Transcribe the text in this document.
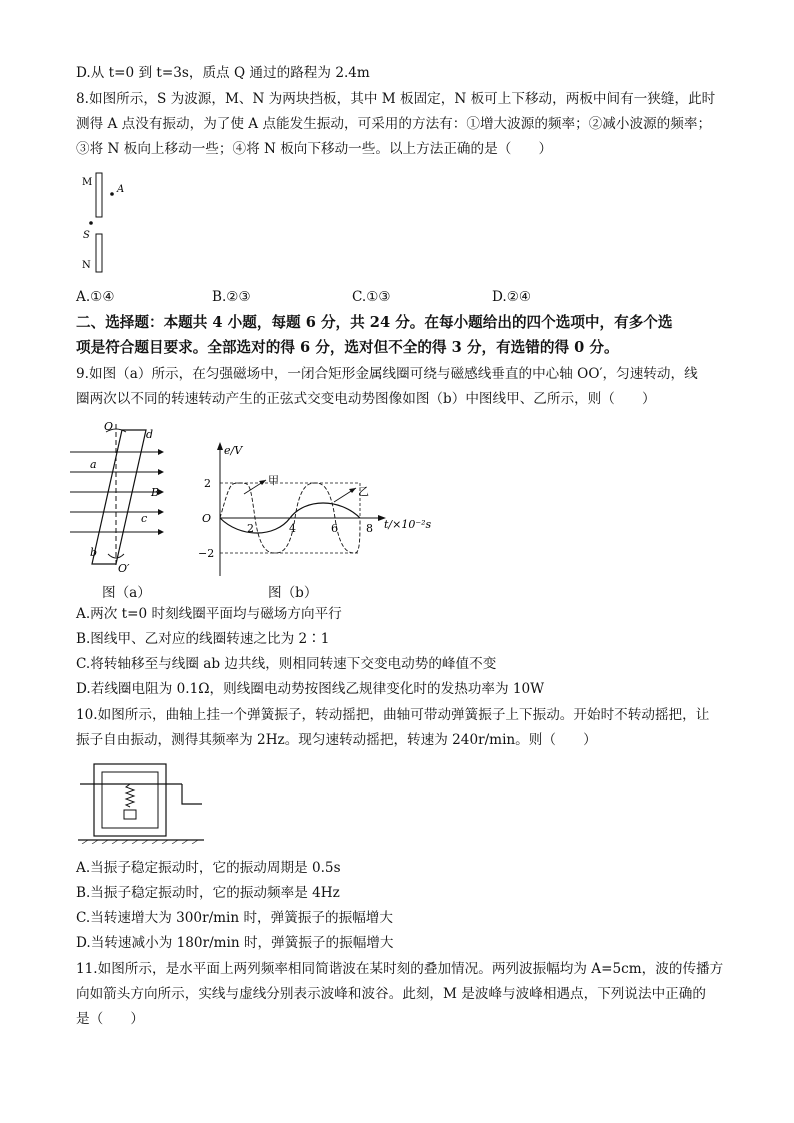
D.从 t=0 到 t=3s，质点 Q 通过的路程为 2.4m
8.如图所示，S 为波源，M、N 为两块挡板，其中 M 板固定，N 板可上下移动，两板中间有一狭缝，此时
测得 A 点没有振动，为了使 A 点能发生振动，可采用的方法有：①增大波源的频率；②减小波源的频率；
③将 N 板向上移动一些；④将 N 板向下移动一些。以上方法正确的是（　　）
M
A
S
N
A.①④	B.②③	C.①③	D.②④
二、选择题：本题共 4 小题，每题 6 分，共 24 分。在每小题给出的四个选项中，有多个选
项是符合题目要求。全部选对的得 6 分，选对但不全的得 3 分，有选错的得 0 分。
9.如图（a）所示，在匀强磁场中，一闭合矩形金属线圈可绕与磁感线垂直的中心轴 OO′，匀速转动，线
圈两次以不同的转速转动产生的正弦式交变电动势图像如图（b）中图线甲、乙所示，则（　　）
O
d
a
B
c
b
O′
图（a）
e/V
t/×10⁻²s
O
2
−2
2	4	6	8
甲
乙
图（b）
A.两次 t=0 时刻线圈平面均与磁场方向平行
B.图线甲、乙对应的线圈转速之比为 2∶1
C.将转轴移至与线圈 ab 边共线，则相同转速下交变电动势的峰值不变
D.若线圈电阻为 0.1Ω，则线圈电动势按图线乙规律变化时的发热功率为 10W
10.如图所示，曲轴上挂一个弹簧振子，转动摇把，曲轴可带动弹簧振子上下振动。开始时不转动摇把，让
振子自由振动，测得其频率为 2Hz。现匀速转动摇把，转速为 240r/min。则（　　）
A.当振子稳定振动时，它的振动周期是 0.5s
B.当振子稳定振动时，它的振动频率是 4Hz
C.当转速增大为 300r/min 时，弹簧振子的振幅增大
D.当转速减小为 180r/min 时，弹簧振子的振幅增大
11.如图所示，是水平面上两列频率相同简谐波在某时刻的叠加情况。两列波振幅均为 A=5cm，波的传播方
向如箭头方向所示，实线与虚线分别表示波峰和波谷。此刻，M 是波峰与波峰相遇点，下列说法中正确的
是（　　）
